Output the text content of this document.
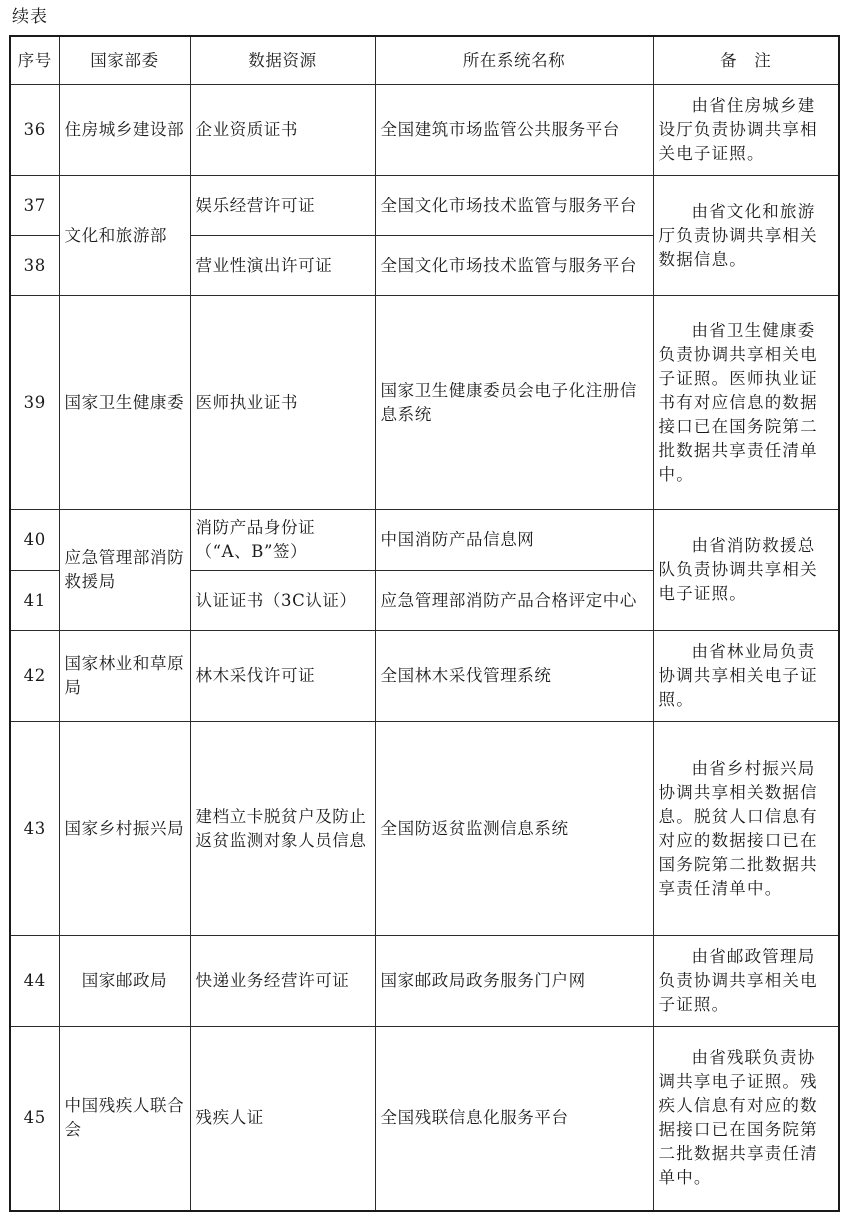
续表
序号	国家部委	数据资源	所在系统名称	备　注
36	住房城乡建设部	企业资质证书	全国建筑市场监管公共服务平台	由省住房城乡建设厅负责协调共享相关电子证照。
37	文化和旅游部	娱乐经营许可证	全国文化市场技术监管与服务平台	由省文化和旅游厅负责协调共享相关数据信息。
38		营业性演出许可证	全国文化市场技术监管与服务平台	
39	国家卫生健康委	医师执业证书	国家卫生健康委员会电子化注册信息系统	由省卫生健康委负责协调共享相关电子证照。医师执业证书有对应信息的数据接口已在国务院第二批数据共享责任清单中。
40	应急管理部消防救援局	消防产品身份证（“A、B”签）	中国消防产品信息网	由省消防救援总队负责协调共享相关电子证照。
41		认证证书（3C认证）	应急管理部消防产品合格评定中心	
42	国家林业和草原局	林木采伐许可证	全国林木采伐管理系统	由省林业局负责协调共享相关电子证照。
43	国家乡村振兴局	建档立卡脱贫户及防止返贫监测对象人员信息	全国防返贫监测信息系统	由省乡村振兴局协调共享相关数据信息。脱贫人口信息有对应的数据接口已在国务院第二批数据共享责任清单中。
44	国家邮政局	快递业务经营许可证	国家邮政局政务服务门户网	由省邮政管理局负责协调共享相关电子证照。
45	中国残疾人联合会	残疾人证	全国残联信息化服务平台	由省残联负责协调共享电子证照。残疾人信息有对应的数据接口已在国务院第二批数据共享责任清单中。
